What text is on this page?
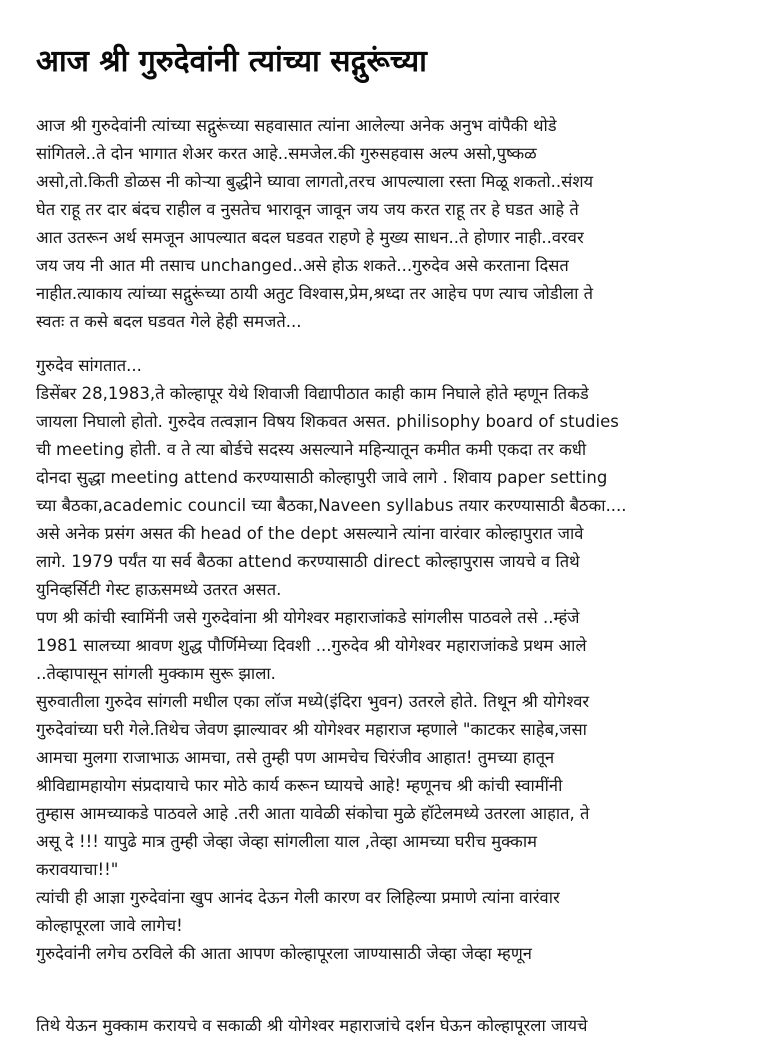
आज श्री गुरुदेवांनी त्यांच्या सद्गुरूंच्या
आज श्री गुरुदेवांनी त्यांच्या सद्गुरूंच्या सहवासात त्यांना आलेल्या अनेक अनुभ वांपैकी थोडे
सांगितले..ते दोन भागात शेअर करत आहे..समजेल.की गुरुसहवास अल्प असो,पुष्कळ
असो,तो.किती डोळस नी कोऱ्या बुद्धीने घ्यावा लागतो,तरच आपल्याला रस्ता मिळू शकतो..संशय
घेत राहू तर दार बंदच राहील व नुसतेच भारावून जावून जय जय करत राहू तर हे घडत आहे ते
आत उतरून अर्थ समजून आपल्यात बदल घडवत राहणे हे मुख्य साधन..ते होणार नाही..वरवर
जय जय नी आत मी तसाच unchanged..असे होऊ शकते...गुरुदेव असे करताना दिसत
नाहीत.त्याकाय त्यांच्या सद्गुरूंच्या ठायी अतुट विश्वास,प्रेम,श्रध्दा तर आहेच पण त्याच जोडीला ते
स्वतः त कसे बदल घडवत गेले हेही समजते...
गुरुदेव सांगतात...
डिसेंबर 28,1983,ते कोल्हापूर येथे शिवाजी विद्यापीठात काही काम निघाले होते म्हणून तिकडे
जायला निघालो होतो. गुरुदेव तत्वज्ञान विषय शिकवत असत. philisophy board of studies
ची meeting होती. व ते त्या बोर्डचे सदस्य असल्याने महिन्यातून कमीत कमी एकदा तर कधी
दोनदा सुद्धा meeting attend करण्यासाठी कोल्हापुरी जावे लागे . शिवाय paper setting
च्या बैठका,academic council च्या बैठका,Naveen syllabus तयार करण्यासाठी बैठका....
असे अनेक प्रसंग असत की head of the dept असल्याने त्यांना वारंवार कोल्हापुरात जावे
लागे. 1979 पर्यंत या सर्व बैठका attend करण्यासाठी direct कोल्हापुरास जायचे व तिथे
युनिव्हर्सिटी गेस्ट हाऊसमध्ये उतरत असत.
पण श्री कांची स्वामिंनी जसे गुरुदेवांना श्री योगेश्वर महाराजांकडे सांगलीस पाठवले तसे ..म्हंजे
1981 सालच्या श्रावण शुद्ध पौर्णिमेच्या दिवशी ...गुरुदेव श्री योगेश्वर महाराजांकडे प्रथम आले
..तेव्हापासून सांगली मुक्काम सुरू झाला.
सुरुवातीला गुरुदेव सांगली मधील एका लॉज मध्ये(इंदिरा भुवन) उतरले होते. तिथून श्री योगेश्वर
गुरुदेवांच्या घरी गेले.तिथेच जेवण झाल्यावर श्री योगेश्वर महाराज म्हणाले "काटकर साहेब,जसा
आमचा मुलगा राजाभाऊ आमचा, तसे तुम्ही पण आमचेच चिरंजीव आहात! तुमच्या हातून
श्रीविद्यामहायोग संप्रदायाचे फार मोठे कार्य करून घ्यायचे आहे! म्हणूनच श्री कांची स्वामींनी
तुम्हास आमच्याकडे पाठवले आहे .तरी आता यावेळी संकोचा मुळे हॉटेलमध्ये उतरला आहात, ते
असू दे !!! यापुढे मात्र तुम्ही जेव्हा जेव्हा सांगलीला याल ,तेव्हा आमच्या घरीच मुक्काम
करावयाचा!!"
त्यांची ही आज्ञा गुरुदेवांना खुप आनंद देऊन गेली कारण वर लिहिल्या प्रमाणे त्यांना वारंवार
कोल्हापूरला जावे लागेच!
गुरुदेवांनी लगेच ठरविले की आता आपण कोल्हापूरला जाण्यासाठी जेव्हा जेव्हा म्हणून
तिथे येऊन मुक्काम करायचे व सकाळी श्री योगेश्वर महाराजांचे दर्शन घेऊन कोल्हापूरला जायचे
